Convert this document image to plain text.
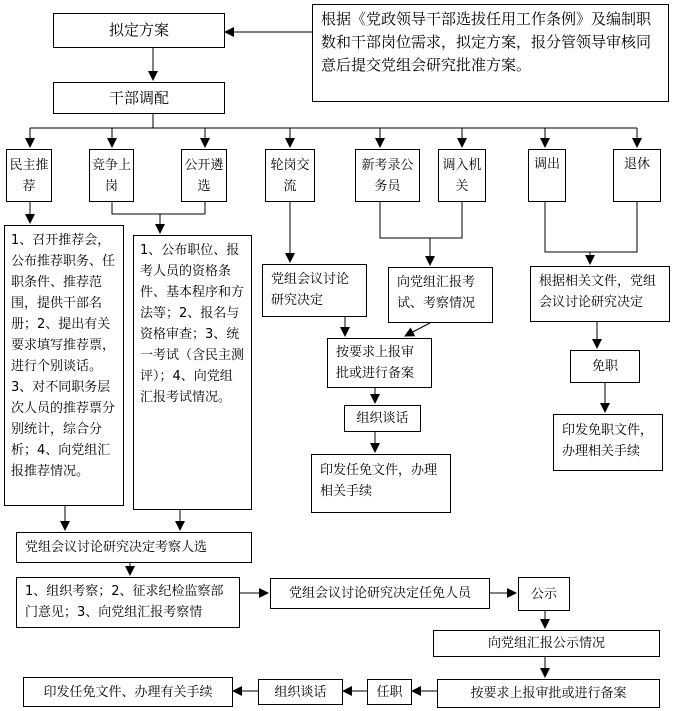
拟定方案
根据《党政领导干部选拔任用工作条例》及编制职数和干部岗位需求，拟定方案，报分管领导审核同意后提交党组会研究批准方案。
干部调配
民主推荐
竞争上岗
公开遴选
轮岗交流
新考录公务员
调入机关
调出	退休
1、召开推荐会，公布推荐职务、任职条件、推荐范围，提供干部名册；2、提出有关要求填写推荐票，进行个别谈话。3、对不同职务层次人员的推荐票分别统计，综合分析；4、向党组汇报推荐情况。
1、公布职位、报考人员的资格条件、基本程序和方法等；2、报名与资格审查；3、统一考试（含民主测评）；4、向党组汇报考试情况。
党组会议讨论研究决定
向党组汇报考试、考察情况
按要求上报审批或进行备案
组织谈话
印发任免文件，办理相关手续
根据相关文件，党组会议讨论研究决定
免职
印发免职文件，办理相关手续
党组会议讨论研究决定考察人选
1、组织考察；2、征求纪检监察部门意见；3、向党组汇报考察情
党组会议讨论研究决定任免人员	公示
向党组汇报公示情况
按要求上报审批或进行备案
任职
组织谈话
印发任免文件、办理有关手续
